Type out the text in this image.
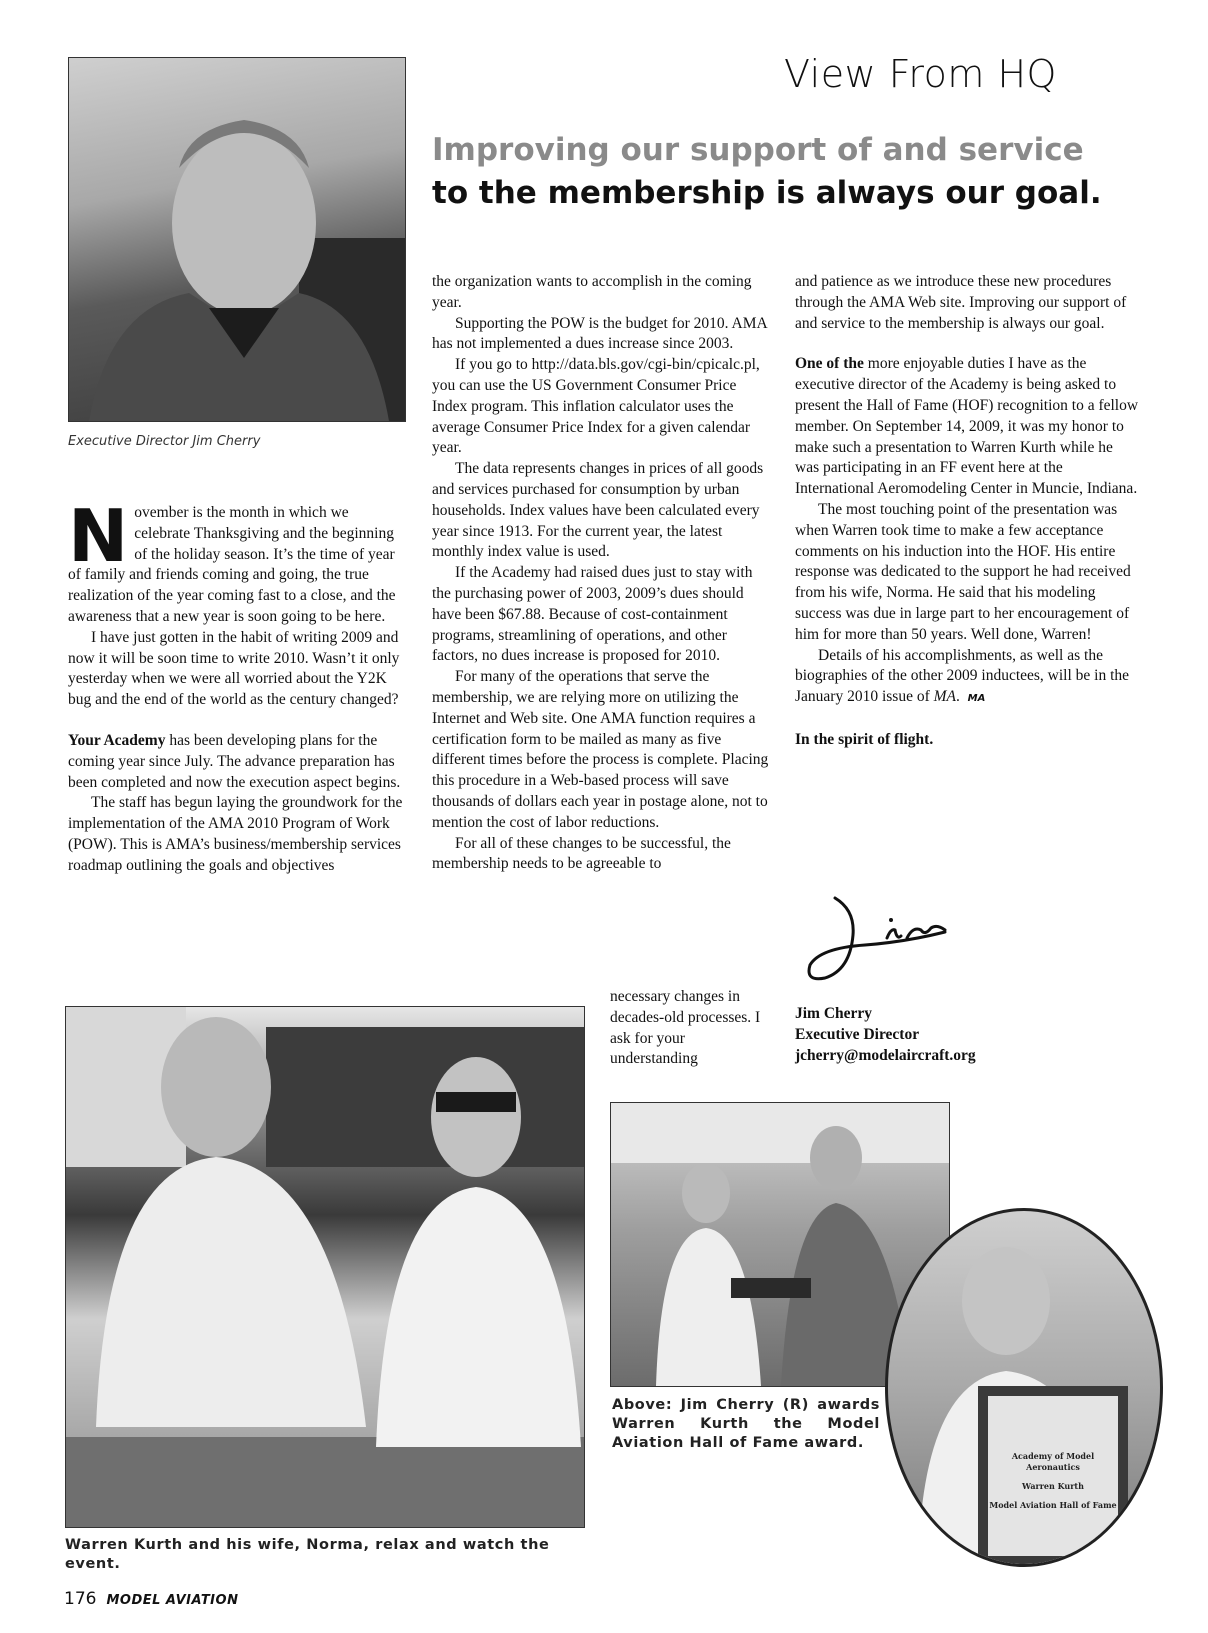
View From HQ
Improving our support of and service
to the membership is always our goal.
Executive Director Jim Cherry
N ovember is the month in which we celebrate Thanksgiving and the beginning of the holiday season. It’s the time of year of family and friends coming and going, the true realization of the year coming fast to a close, and the awareness that a new year is soon going to be here.

I have just gotten in the habit of writing 2009 and now it will be soon time to write 2010. Wasn’t it only yesterday when we were all worried about the Y2K bug and the end of the world as the century changed?

Your Academy has been developing plans for the coming year since July. The advance preparation has been completed and now the execution aspect begins.

The staff has begun laying the groundwork for the implementation of the AMA 2010 Program of Work (POW). This is AMA’s business/membership services roadmap outlining the goals and objectives

the organization wants to accomplish in the coming year.

Supporting the POW is the budget for 2010. AMA has not implemented a dues increase since 2003.

If you go to http://data.bls.gov/cgi-bin/cpicalc.pl, you can use the US Government Consumer Price Index program. This inflation calculator uses the average Consumer Price Index for a given calendar year.

The data represents changes in prices of all goods and services purchased for consumption by urban households. Index values have been calculated every year since 1913. For the current year, the latest monthly index value is used.

If the Academy had raised dues just to stay with the purchasing power of 2003, 2009’s dues should have been $67.88. Because of cost-containment programs, streamlining of operations, and other factors, no dues increase is proposed for 2010.

For many of the operations that serve the membership, we are relying more on utilizing the Internet and Web site. One AMA function requires a certification form to be mailed as many as five different times before the process is complete. Placing this procedure in a Web-based process will save thousands of dollars each year in postage alone, not to mention the cost of labor reductions.

For all of these changes to be successful, the membership needs to be agreeable to

necessary changes in decades-old processes. I ask for your understanding

and patience as we introduce these new procedures through the AMA Web site. Improving our support of and service to the membership is always our goal.

One of the more enjoyable duties I have as the executive director of the Academy is being asked to present the Hall of Fame (HOF) recognition to a fellow member. On September 14, 2009, it was my honor to make such a presentation to Warren Kurth while he was participating in an FF event here at the International Aeromodeling Center in Muncie, Indiana.

The most touching point of the presentation was when Warren took time to make a few acceptance comments on his induction into the HOF. His entire response was dedicated to the support he had received from his wife, Norma. He said that his modeling success was due in large part to her encouragement of him for more than 50 years. Well done, Warren!

Details of his accomplishments, as well as the biographies of the other 2009 inductees, will be in the January 2010 issue of MA. MA

In the spirit of flight.

Jim Cherry
Executive Director
jcherry@modelaircraft.org
Warren Kurth and his wife, Norma, relax and watch the event.
Above: Jim Cherry (R) awards Warren Kurth the Model Aviation Hall of Fame award.
Academy of Model Aeronautics
Warren Kurth
Model Aviation Hall of Fame
176 MODEL AVIATION
